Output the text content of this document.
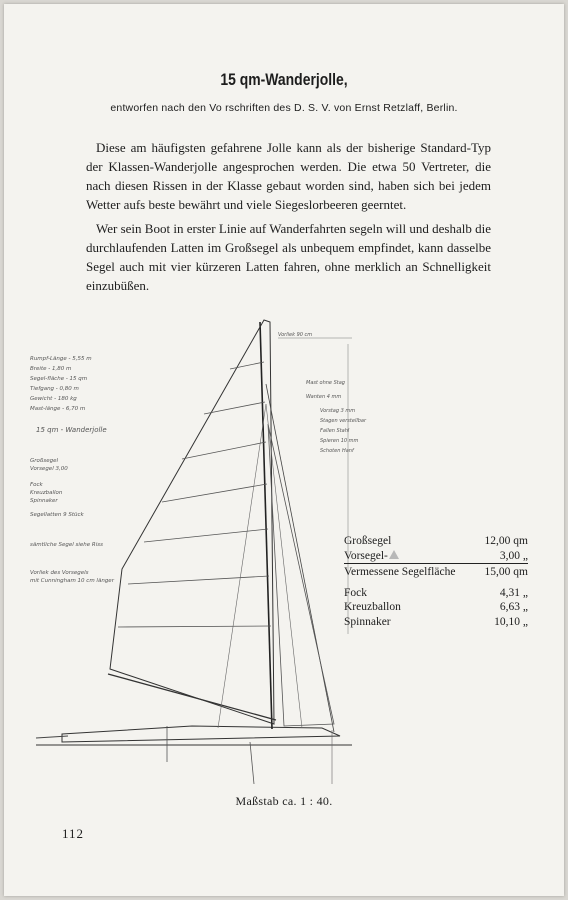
15 qm-Wanderjolle,
entworfen nach den Vo rschriften des D. S. V. von Ernst Retzlaff, Berlin.

Diese am häufigsten gefahrene Jolle kann als der bisherige Standard-Typ der Klassen-Wanderjolle angesprochen werden. Die etwa 50 Vertreter, die nach diesen Rissen in der Klasse gebaut worden sind, haben sich bei jedem Wetter aufs beste bewährt und viele Siegeslorbeeren geerntet.

Wer sein Boot in erster Linie auf Wanderfahrten segeln will und deshalb die durchlaufenden Latten im Großsegel als unbequem empfindet, kann dasselbe Segel auch mit vier kürzeren Latten fahren, ohne merklich an Schnelligkeit einzubüßen.

Rumpf-Länge - 5,55 m
Breite - 1,80 m
Segel-fläche - 15 qm
Tiefgang - 0,80 m
Gewicht - 180 kg
Mast-länge - 6,70 m
15 qm - Wanderjolle
Großsegel
Vorsegel 3,00
Fock
Kreuzballon
Spinnaker
Segellatten 9 Stück
sämtliche Segel siehe Riss
Vorliek des Vorsegels
mit Cunningham 10 cm länger
Vorliek 90 cm
Mast ohne Stag
Wanten 4 mm
Vorstag 3 mm
Stagen verstellbar
Fallen Stahl
Spieren 10 mm
Schoten Hanf
Großsegel	12,00 qm
Vorsegel-	3,00 „
Vermessene Segelfläche	15,00 qm
Fock	4,31 „
Kreuzballon	6,63 „
Spinnaker	10,10 „
Maßstab ca. 1 : 40.
112
